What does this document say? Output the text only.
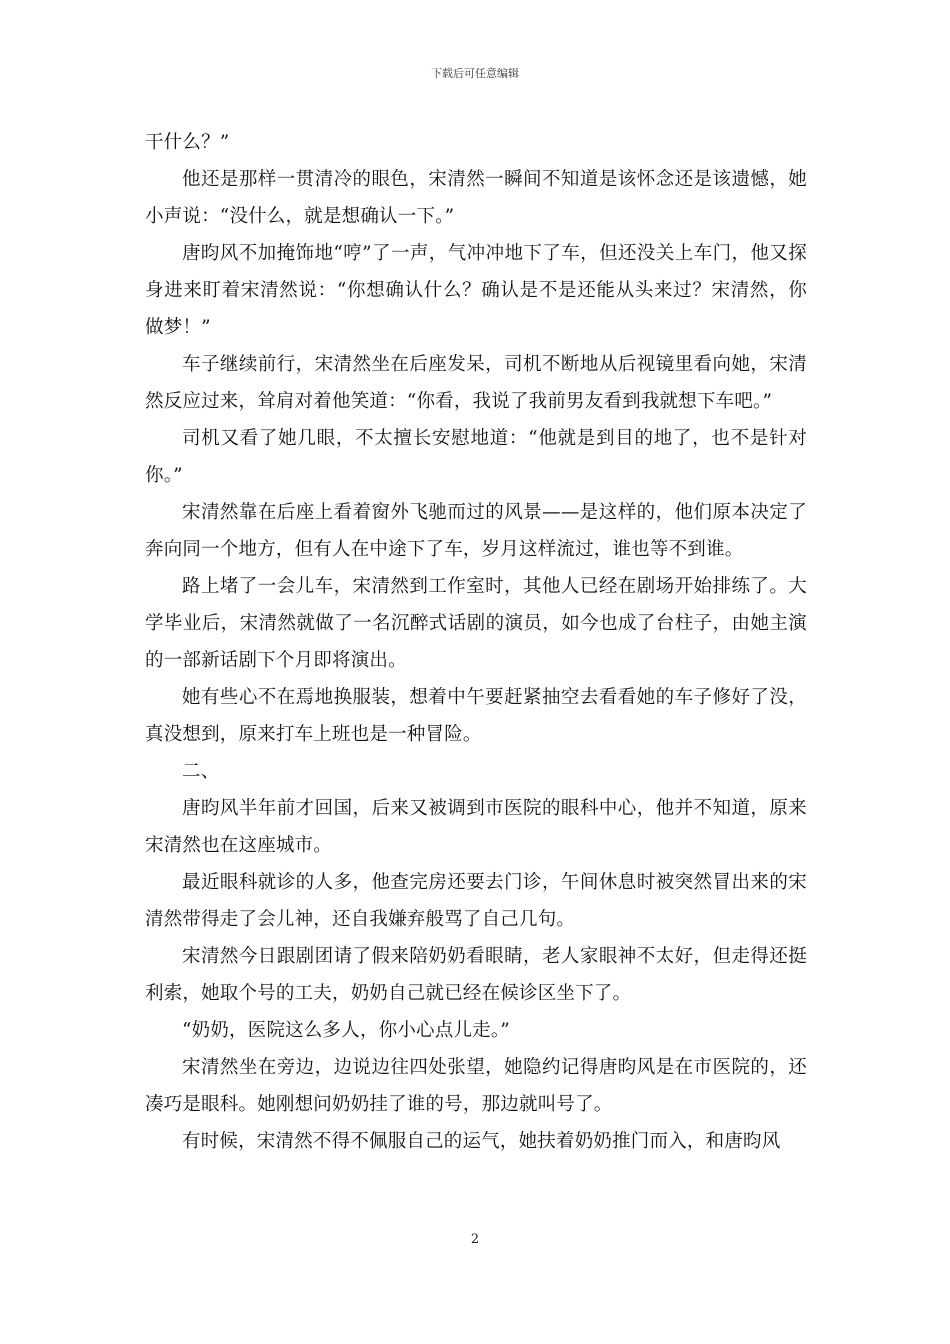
下载后可任意编辑

干什么？”

他还是那样一贯清冷的眼色，宋清然一瞬间不知道是该怀念还是该遗憾，她小声说：“没什么，就是想确认一下。”

唐昀风不加掩饰地“哼”了一声，气冲冲地下了车，但还没关上车门，他又探身进来盯着宋清然说：“你想确认什么？确认是不是还能从头来过？宋清然，你做梦！”

车子继续前行，宋清然坐在后座发呆，司机不断地从后视镜里看向她，宋清然反应过来，耸肩对着他笑道：“你看，我说了我前男友看到我就想下车吧。”

司机又看了她几眼，不太擅长安慰地道：“他就是到目的地了，也不是针对你。”

宋清然靠在后座上看着窗外飞驰而过的风景——是这样的，他们原本决定了奔向同一个地方，但有人在中途下了车，岁月这样流过，谁也等不到谁。

路上堵了一会儿车，宋清然到工作室时，其他人已经在剧场开始排练了。大学毕业后，宋清然就做了一名沉醉式话剧的演员，如今也成了台柱子，由她主演的一部新话剧下个月即将演出。

她有些心不在焉地换服装，想着中午要赶紧抽空去看看她的车子修好了没，真没想到，原来打车上班也是一种冒险。

二、

唐昀风半年前才回国，后来又被调到市医院的眼科中心，他并不知道，原来宋清然也在这座城市。

最近眼科就诊的人多，他查完房还要去门诊，午间休息时被突然冒出来的宋清然带得走了会儿神，还自我嫌弃般骂了自己几句。

宋清然今日跟剧团请了假来陪奶奶看眼睛，老人家眼神不太好，但走得还挺利索，她取个号的工夫，奶奶自己就已经在候诊区坐下了。

“奶奶，医院这么多人，你小心点儿走。”

宋清然坐在旁边，边说边往四处张望，她隐约记得唐昀风是在市医院的，还凑巧是眼科。她刚想问奶奶挂了谁的号，那边就叫号了。

有时候，宋清然不得不佩服自己的运气，她扶着奶奶推门而入，和唐昀风

2
